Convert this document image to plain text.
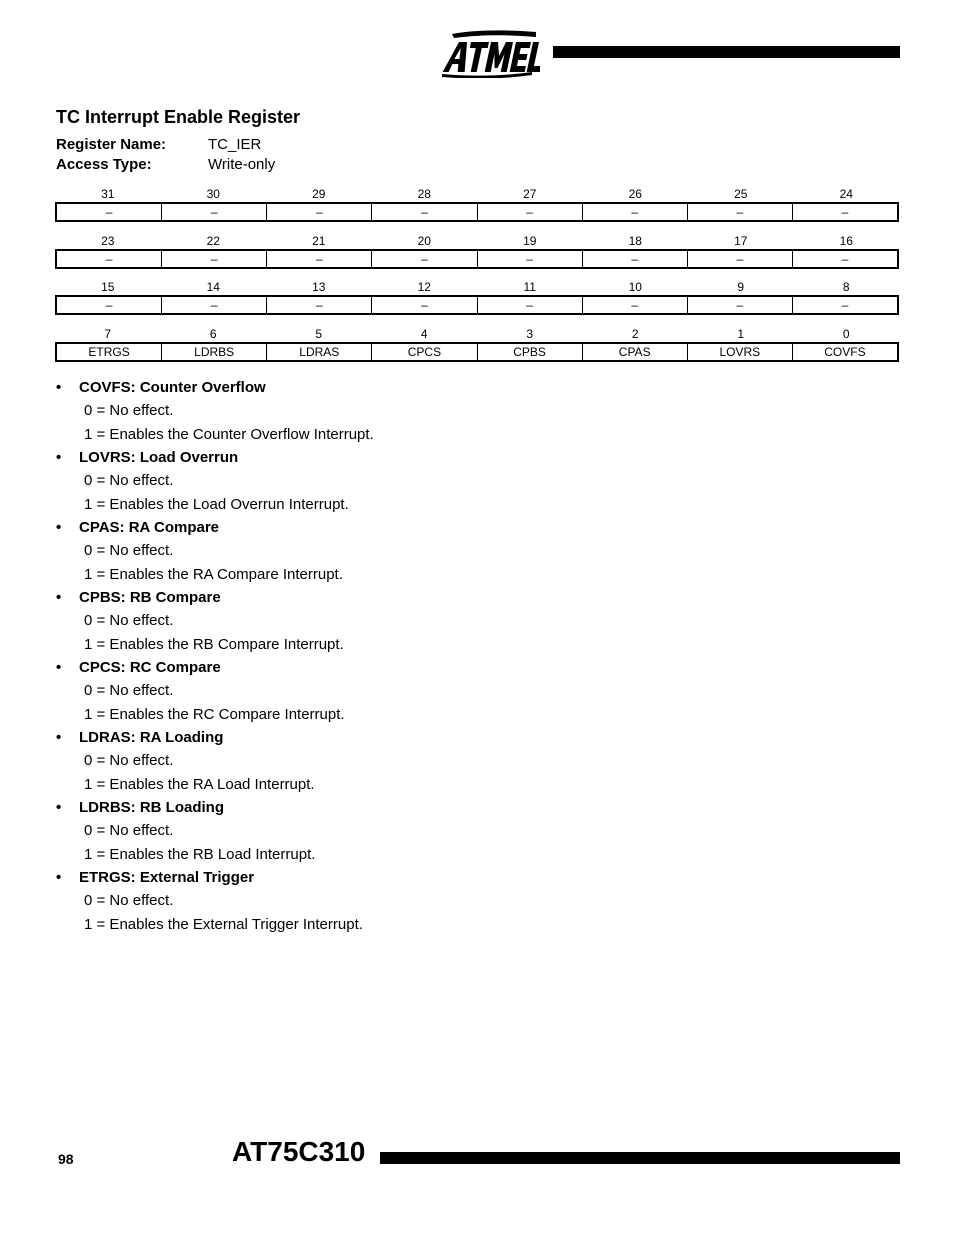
TC Interrupt Enable Register
Register Name:	TC_IER
Access Type:	Write-only
31	30	29	28	27	26	25	24
–	–	–	–	–	–	–	–
23	22	21	20	19	18	17	16
–	–	–	–	–	–	–	–
15	14	13	12	11	10	9	8
–	–	–	–	–	–	–	–
7	6	5	4	3	2	1	0
ETRGS	LDRBS	LDRAS	CPCS	CPBS	CPAS	LOVRS	COVFS
• COVFS: Counter Overflow
0 = No effect.
1 = Enables the Counter Overflow Interrupt.
• LOVRS: Load Overrun
0 = No effect.
1 = Enables the Load Overrun Interrupt.
• CPAS: RA Compare
0 = No effect.
1 = Enables the RA Compare Interrupt.
• CPBS: RB Compare
0 = No effect.
1 = Enables the RB Compare Interrupt.
• CPCS: RC Compare
0 = No effect.
1 = Enables the RC Compare Interrupt.
• LDRAS: RA Loading
0 = No effect.
1 = Enables the RA Load Interrupt.
• LDRBS: RB Loading
0 = No effect.
1 = Enables the RB Load Interrupt.
• ETRGS: External Trigger
0 = No effect.
1 = Enables the External Trigger Interrupt.
98	AT75C310
